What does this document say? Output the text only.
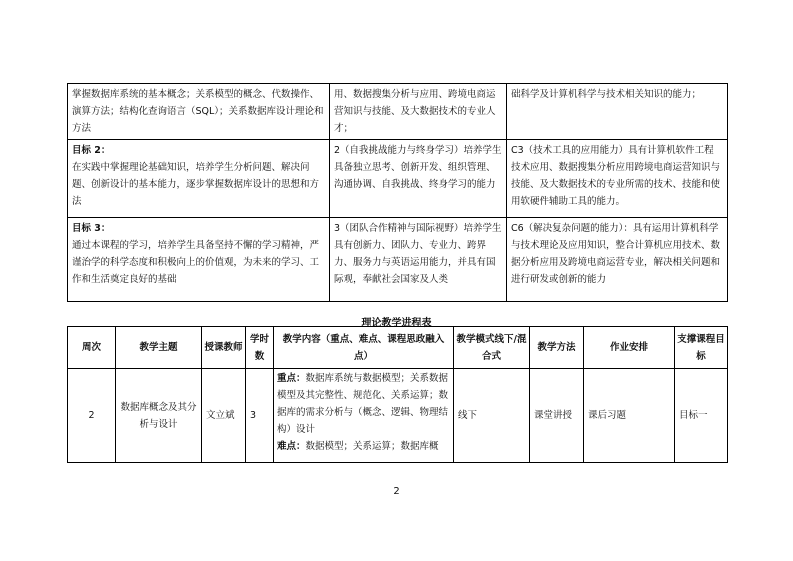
掌握数据库系统的基本概念；关系模型的概念、代数操作、演算方法；结构化查询语言（SQL）；关系数据库设计理论和方法	用、数据搜集分析与应用、跨境电商运营知识与技能、及大数据技术的专业人才；	础科学及计算机科学与技术相关知识的能力；

目标 2：
在实践中掌握理论基础知识，培养学生分析问题、解决问题、创新设计的基本能力，逐步掌握数据库设计的思想和方法	2（自我挑战能力与终身学习）培养学生具备独立思考、创新开发、组织管理、沟通协调、自我挑战、终身学习的能力	C3（技术工具的应用能力）具有计算机软件工程技术应用、数据搜集分析应用跨境电商运营知识与技能、及大数据技术的专业所需的技术、技能和使用软硬件辅助工具的能力。

目标 3：
通过本课程的学习，培养学生具备坚持不懈的学习精神，严谨治学的科学态度和积极向上的价值观，为未来的学习、工作和生活奠定良好的基础	3（团队合作精神与国际视野）培养学生具有创新力、团队力、专业力、跨界力、服务力与英语运用能力，并具有国际观，奉献社会国家及人类	C6（解决复杂问题的能力）：具有运用计算机科学与技术理论及应用知识，整合计算机应用技术、数据分析应用及跨境电商运营专业，解决相关问题和进行研发或创新的能力
理论教学进程表
周次	教学主题	授课教师	学时数	教学内容（重点、难点、课程思政融入点）	教学模式线下/混合式	教学方法	作业安排	支撑课程目标
2	数据库概念及其分析与设计	文立斌	3	重点：数据库系统与数据模型；关系数据模型及其完整性、规范化、关系运算；数据库的需求分析与（概念、逻辑、物理结构）设计
难点：数据模型；关系运算；数据库概	线下	课堂讲授	课后习题	目标一
2
